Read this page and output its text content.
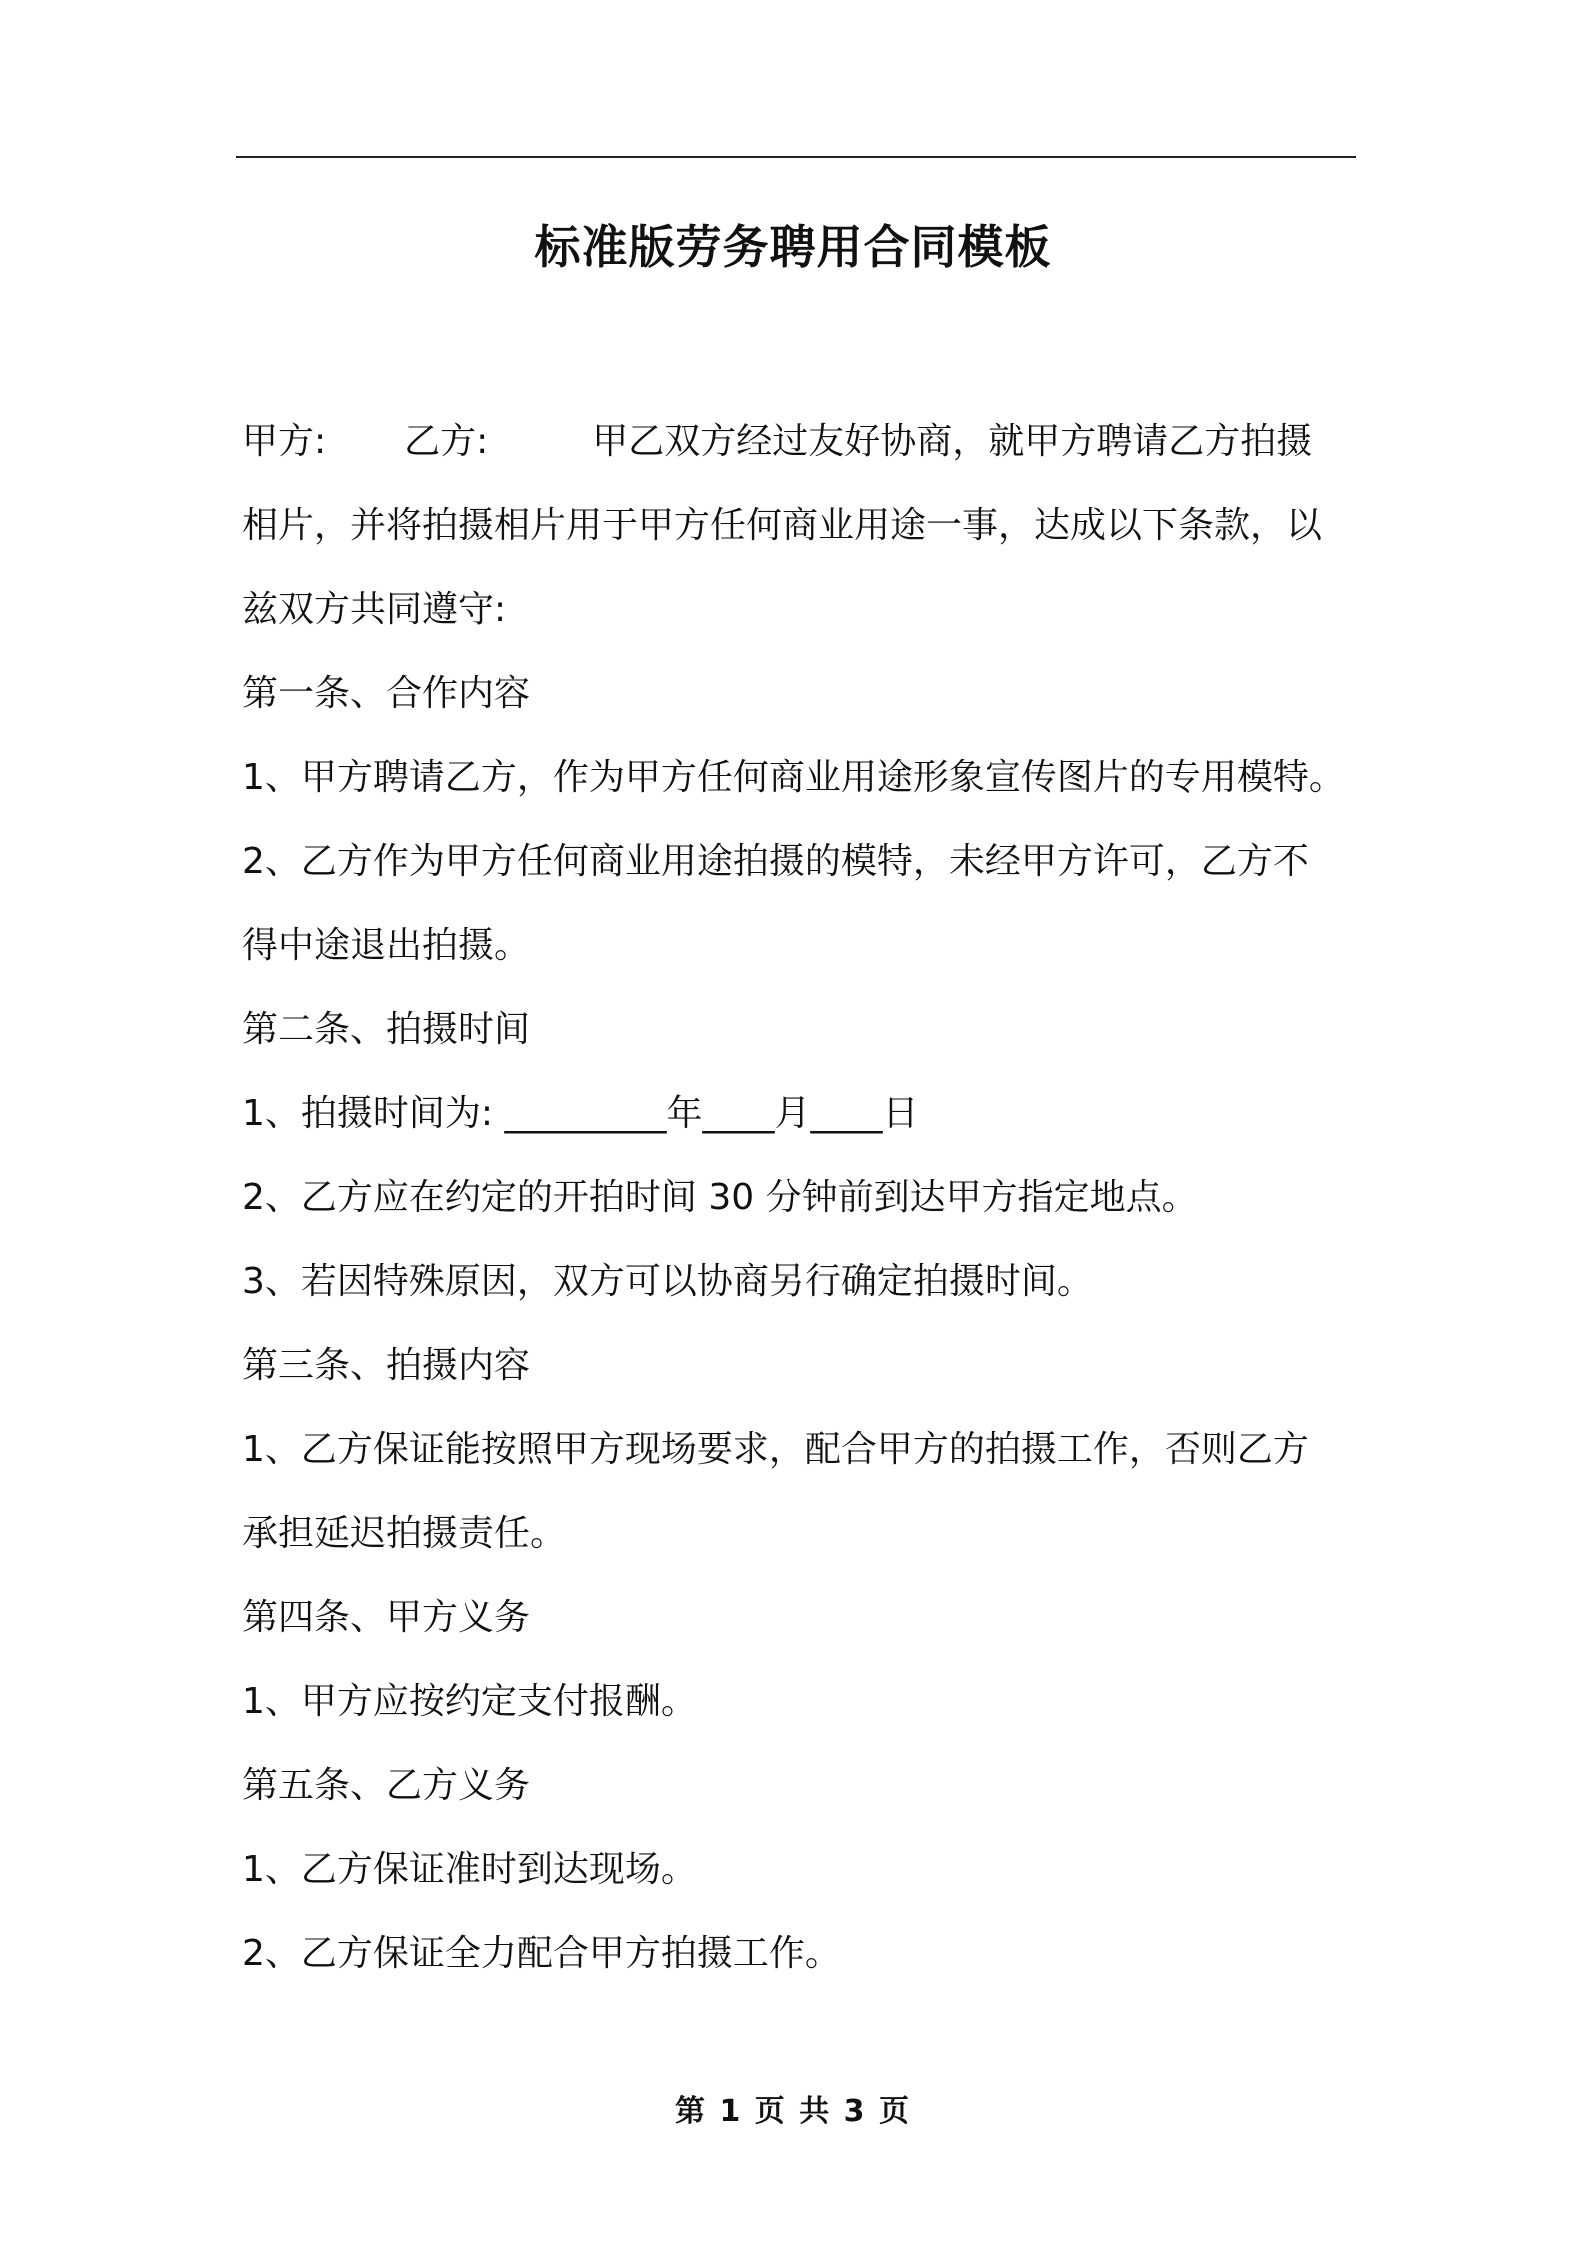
标准版劳务聘用合同模板
甲方: 乙方:	甲乙双方经过友好协商，就甲方聘请乙方拍摄
相片，并将拍摄相片用于甲方任何商业用途一事，达成以下条款，以
兹双方共同遵守:
第一条、合作内容
1、甲方聘请乙方，作为甲方任何商业用途形象宣传图片的专用模特。
2、乙方作为甲方任何商业用途拍摄的模特，未经甲方许可，乙方不
得中途退出拍摄。
第二条、拍摄时间
1、拍摄时间为: _________年____月____日
2、乙方应在约定的开拍时间 30 分钟前到达甲方指定地点。
3、若因特殊原因，双方可以协商另行确定拍摄时间。
第三条、拍摄内容
1、乙方保证能按照甲方现场要求，配合甲方的拍摄工作，否则乙方
承担延迟拍摄责任。
第四条、甲方义务
1、甲方应按约定支付报酬。
第五条、乙方义务
1、乙方保证准时到达现场。
2、乙方保证全力配合甲方拍摄工作。
第 1 页 共 3 页
